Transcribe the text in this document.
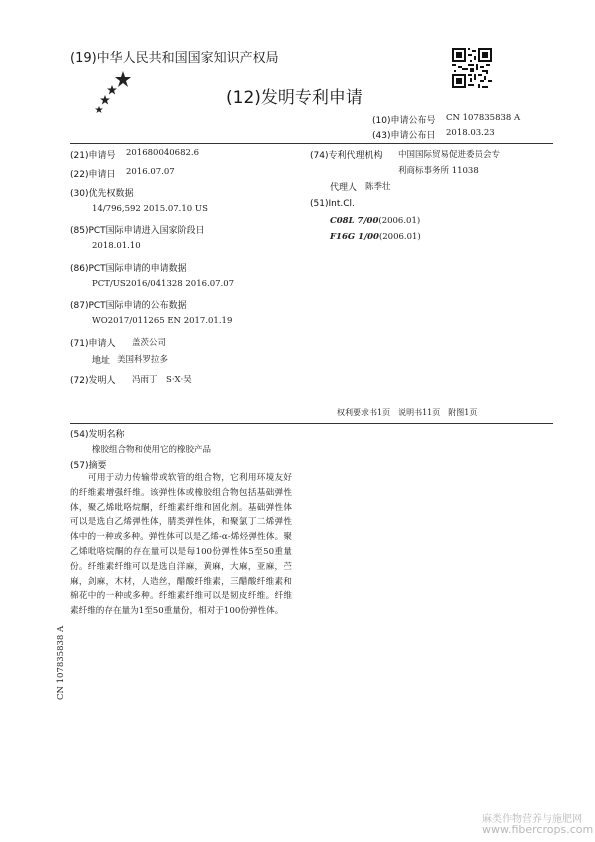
(19)中华人民共和国国家知识产权局
(12)发明专利申请
(10)申请公布号 CN 107835838 A
(43)申请公布日 2018.03.23
(21)申请号 201680040682.6
(22)申请日 2016.07.07
(30)优先权数据
14/796,592 2015.07.10 US
(85)PCT国际申请进入国家阶段日
2018.01.10
(86)PCT国际申请的申请数据
PCT/US2016/041328 2016.07.07
(87)PCT国际申请的公布数据
WO2017/011265 EN 2017.01.19
(71)申请人 盖茨公司
地址 美国科罗拉多
(72)发明人 冯雨丁　S·X·吴
(74)专利代理机构 中国国际贸易促进委员会专
利商标事务所 11038
代理人 陈季壮
(51)Int.Cl.
C08L 7/00(2006.01)
F16G 1/00(2006.01)
权利要求书1页　说明书11页　附图1页
(54)发明名称
橡胶组合物和使用它的橡胶产品
(57)摘要
可用于动力传输带或软管的组合物，它利用环境友好的纤维素增强纤维。该弹性体或橡胶组合物包括基础弹性体，聚乙烯吡咯烷酮，纤维素纤维和固化剂。基础弹性体可以是选自乙烯弹性体，腈类弹性体，和聚氯丁二烯弹性体中的一种或多种。弹性体可以是乙烯-α-烯烃弹性体。聚乙烯吡咯烷酮的存在量可以是每100份弹性体5至50重量份。纤维素纤维可以是选自洋麻，黄麻，大麻，亚麻，苎麻，剑麻，木材，人造丝，醋酸纤维素，三醋酸纤维素和棉花中的一种或多种。纤维素纤维可以是韧皮纤维。纤维素纤维的存在量为1至50重量份，相对于100份弹性体。
CN 107835838 A
麻类作物营养与施肥网
www.fibercrops.com
